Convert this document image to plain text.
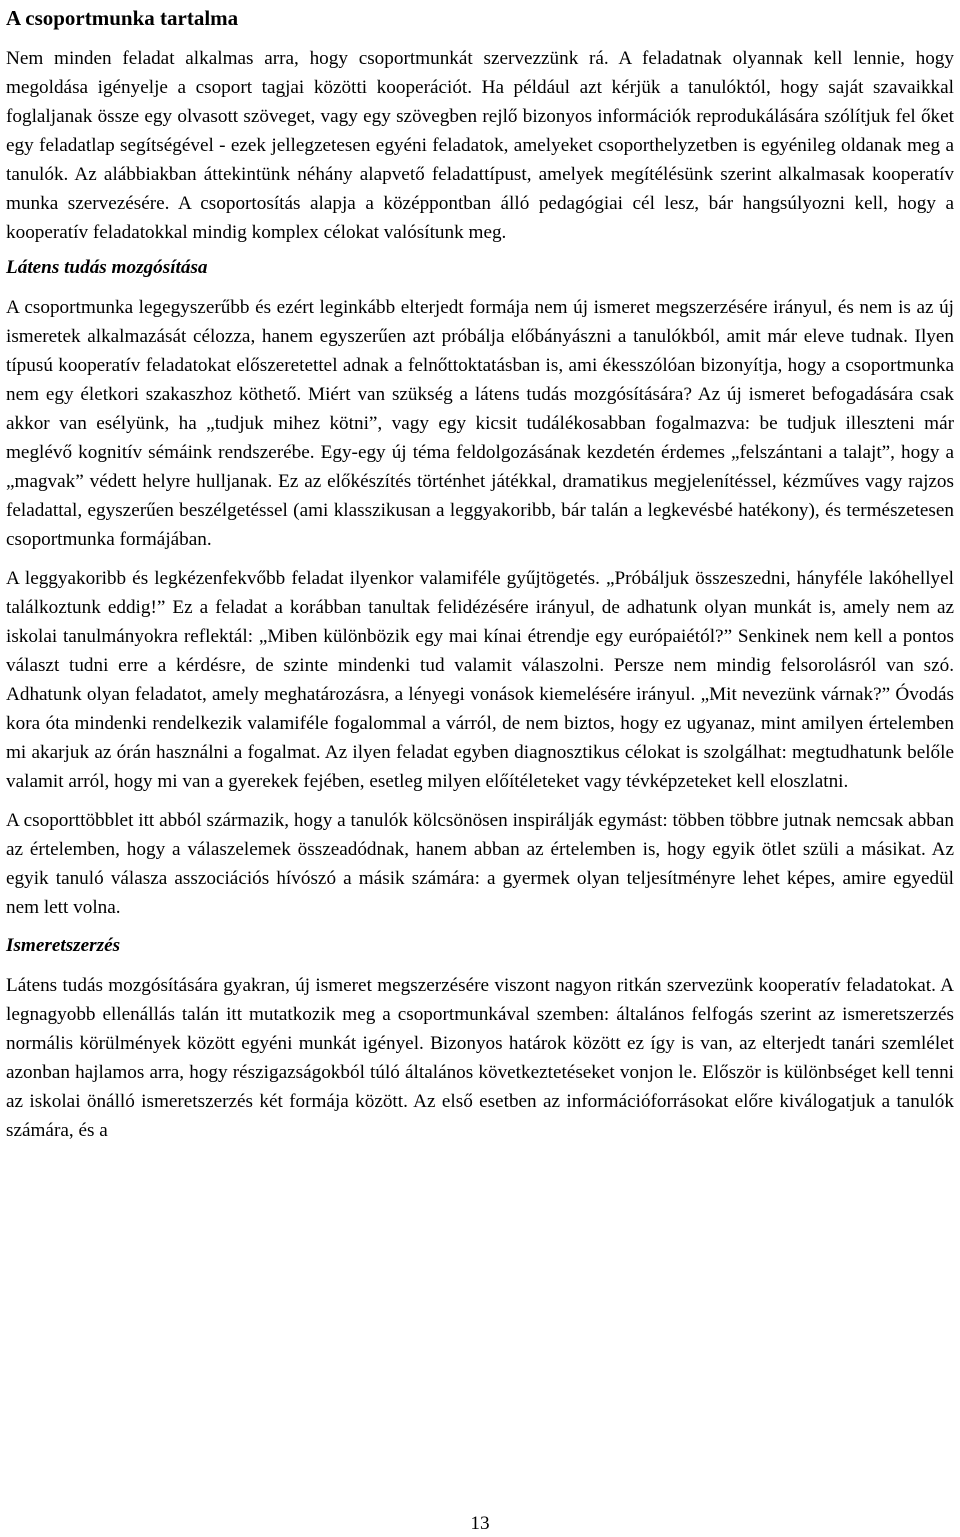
A csoportmunka tartalma

Nem minden feladat alkalmas arra, hogy csoportmunkát szervezzünk rá. A feladatnak olyannak kell lennie, hogy megoldása igényelje a csoport tagjai közötti kooperációt. Ha például azt kérjük a tanulóktól, hogy saját szavaikkal foglaljanak össze egy olvasott szöveget, vagy egy szövegben rejlő bizonyos információk reprodukálására szólítjuk fel őket egy feladatlap segítségével - ezek jellegzetesen egyéni feladatok, amelyeket csoporthelyzetben is egyénileg oldanak meg a tanulók. Az alábbiakban áttekintünk néhány alapvető feladattípust, amelyek megítélésünk szerint alkalmasak kooperatív munka szervezésére. A csoportosítás alapja a középpontban álló pedagógiai cél lesz, bár hangsúlyozni kell, hogy a kooperatív feladatokkal mindig komplex célokat valósítunk meg.

Látens tudás mozgósítása

A csoportmunka legegyszerűbb és ezért leginkább elterjedt formája nem új ismeret megszerzésére irányul, és nem is az új ismeretek alkalmazását célozza, hanem egyszerűen azt próbálja előbányászni a tanulókból, amit már eleve tudnak. Ilyen típusú kooperatív feladatokat előszeretettel adnak a felnőttoktatásban is, ami ékesszólóan bizonyítja, hogy a csoportmunka nem egy életkori szakaszhoz köthető. Miért van szükség a látens tudás mozgósítására? Az új ismeret befogadására csak akkor van esélyünk, ha „tudjuk mihez kötni”, vagy egy kicsit tudálékosabban fogalmazva: be tudjuk illeszteni már meglévő kognitív sémáink rendszerébe. Egy-egy új téma feldolgozásának kezdetén érdemes „felszántani a talajt”, hogy a „magvak” védett helyre hulljanak. Ez az előkészítés történhet játékkal, dramatikus megjelenítéssel, kézműves vagy rajzos feladattal, egyszerűen beszélgetéssel (ami klasszikusan a leggyakoribb, bár talán a legkevésbé hatékony), és természetesen csoportmunka formájában.

A leggyakoribb és legkézenfekvőbb feladat ilyenkor valamiféle gyűjtögetés. „Próbáljuk összeszedni, hányféle lakóhellyel találkoztunk eddig!” Ez a feladat a korábban tanultak felidézésére irányul, de adhatunk olyan munkát is, amely nem az iskolai tanulmányokra reflektál: „Miben különbözik egy mai kínai étrendje egy európaiétól?” Senkinek nem kell a pontos választ tudni erre a kérdésre, de szinte mindenki tud valamit válaszolni. Persze nem mindig felsorolásról van szó. Adhatunk olyan feladatot, amely meghatározásra, a lényegi vonások kiemelésére irányul. „Mit nevezünk várnak?” Óvodás kora óta mindenki rendelkezik valamiféle fogalommal a várról, de nem biztos, hogy ez ugyanaz, mint amilyen értelemben mi akarjuk az órán használni a fogalmat. Az ilyen feladat egyben diagnosztikus célokat is szolgálhat: megtudhatunk belőle valamit arról, hogy mi van a gyerekek fejében, esetleg milyen előítéleteket vagy tévképzeteket kell eloszlatni.

A csoporttöbblet itt abból származik, hogy a tanulók kölcsönösen inspirálják egymást: többen többre jutnak nemcsak abban az értelemben, hogy a válaszelemek összeadódnak, hanem abban az értelemben is, hogy egyik ötlet szüli a másikat. Az egyik tanuló válasza asszociációs hívószó a másik számára: a gyermek olyan teljesítményre lehet képes, amire egyedül nem lett volna.

Ismeretszerzés

Látens tudás mozgósítására gyakran, új ismeret megszerzésére viszont nagyon ritkán szervezünk kooperatív feladatokat. A legnagyobb ellenállás talán itt mutatkozik meg a csoportmunkával szemben: általános felfogás szerint az ismeretszerzés normális körülmények között egyéni munkát igényel. Bizonyos határok között ez így is van, az elterjedt tanári szemlélet azonban hajlamos arra, hogy részigazságokból túló általános következtetéseket vonjon le. Először is különbséget kell tenni az iskolai önálló ismeretszerzés két formája között. Az első esetben az információforrásokat előre kiválogatjuk a tanulók számára, és a

13
